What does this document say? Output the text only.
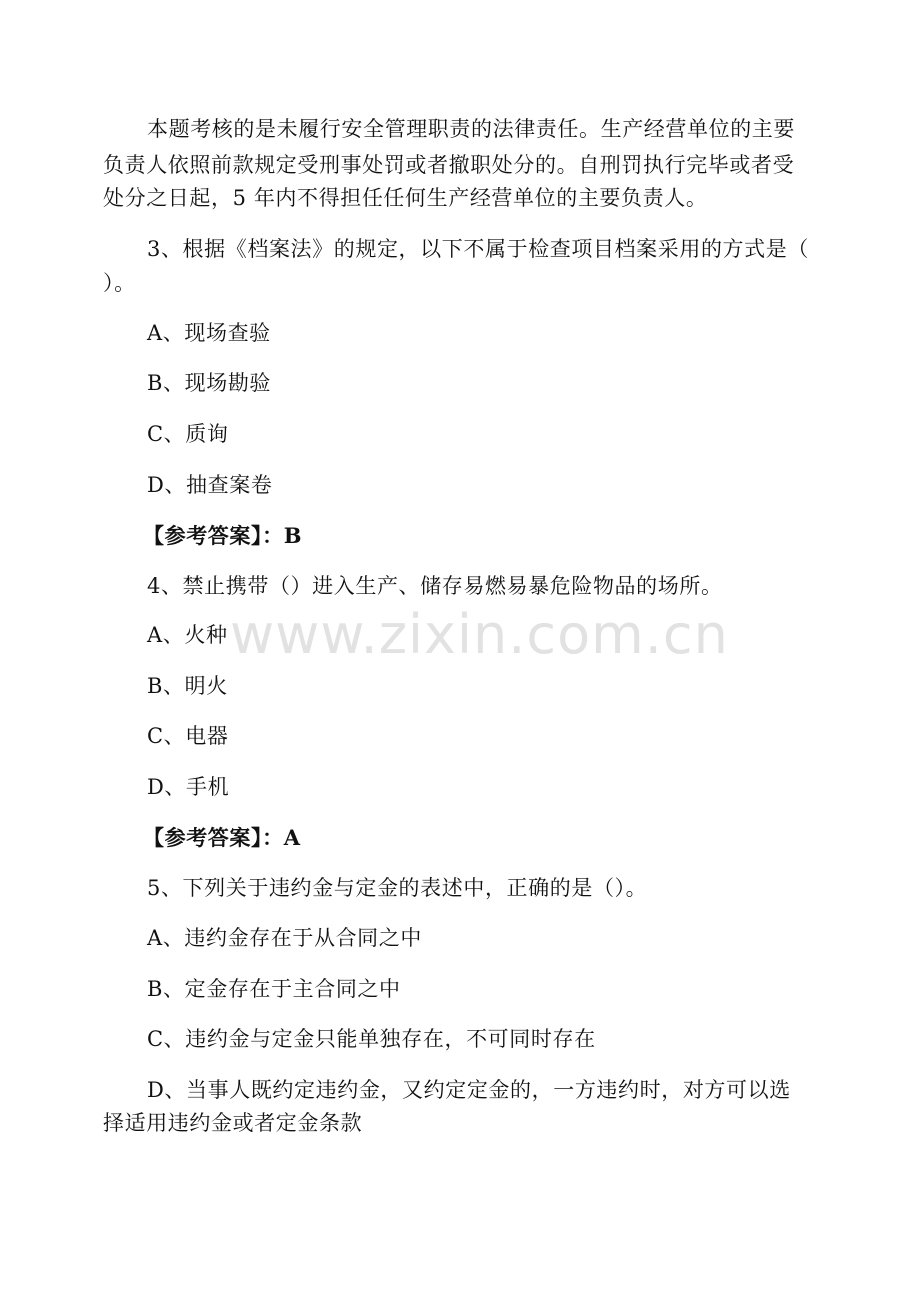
本题考核的是未履行安全管理职责的法律责任。生产经营单位的主要
负责人依照前款规定受刑事处罚或者撤职处分的。自刑罚执行完毕或者受
处分之日起，5 年内不得担任任何生产经营单位的主要负责人。
3、根据《档案法》的规定，以下不属于检查项目档案采用的方式是（
）。
A、现场查验
B、现场勘验
C、质询
D、抽查案卷
【参考答案】：B
4、禁止携带（）进入生产、储存易燃易暴危险物品的场所。
A、火种
B、明火
C、电器
D、手机
【参考答案】：A
5、下列关于违约金与定金的表述中，正确的是（）。
A、违约金存在于从合同之中
B、定金存在于主合同之中
C、违约金与定金只能单独存在，不可同时存在
D、当事人既约定违约金，又约定定金的，一方违约时，对方可以选
择适用违约金或者定金条款
www.zixin.com.cn
